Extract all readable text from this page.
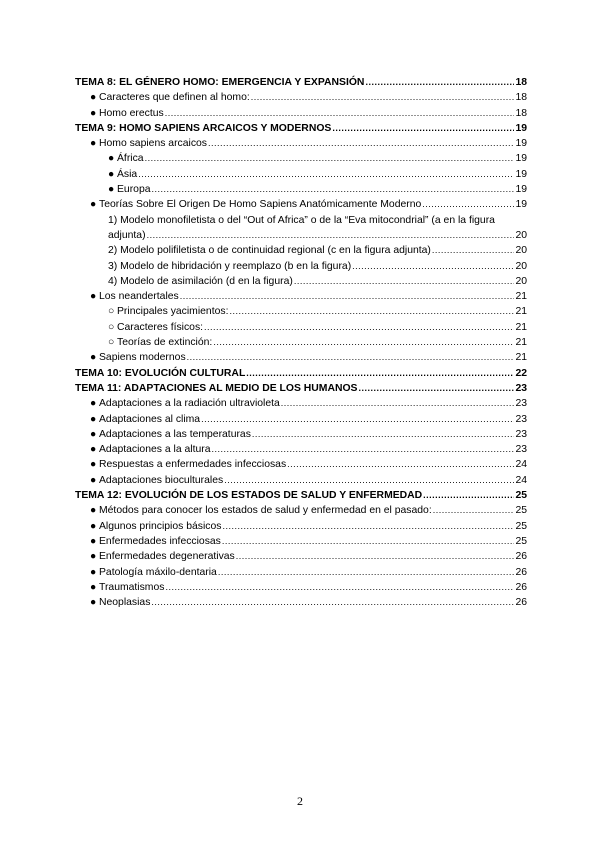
TEMA 8: EL GÉNERO HOMO: EMERGENCIA Y EXPANSIÓN .....	18
● Caracteres que definen al homo: .....	18
● Homo erectus .....	18
TEMA 9: HOMO SAPIENS ARCAICOS Y MODERNOS .....	19
● Homo sapiens arcaicos .....	19
● África .....	19
● Ásia .....	19
● Europa .....	19
● Teorías Sobre El Origen De Homo Sapiens Anatómicamente Moderno .....	19
1) Modelo monofiletista o del “Out of Africa” o de la “Eva mitocondrial” (a en la figura
adjunta) .....	20
2) Modelo polifiletista o de continuidad regional (c en la figura adjunta) .....	20
3) Modelo de hibridación y reemplazo (b en la figura) .....	20
4) Modelo de asimilación (d en la figura) .....	20
● Los neandertales .....	21
○ Principales yacimientos: .....	21
○ Caracteres físicos: .....	21
○ Teorías de extinción: .....	21
● Sapiens modernos .....	21
TEMA 10: EVOLUCIÓN CULTURAL .....	22
TEMA 11: ADAPTACIONES AL MEDIO DE LOS HUMANOS .....	23
● Adaptaciones a la radiación ultravioleta .....	23
● Adaptaciones al clima .....	23
● Adaptaciones a las temperaturas .....	23
● Adaptaciones a la altura .....	23
● Respuestas a enfermedades infecciosas .....	24
● Adaptaciones bioculturales .....	24
TEMA 12: EVOLUCIÓN DE LOS ESTADOS DE SALUD Y ENFERMEDAD .....	25
● Métodos para conocer los estados de salud y enfermedad en el pasado: .....	25
● Algunos principios básicos .....	25
● Enfermedades infecciosas .....	25
● Enfermedades degenerativas .....	26
● Patología máxilo-dentaria .....	26
● Traumatismos .....	26
● Neoplasias .....	26
2
